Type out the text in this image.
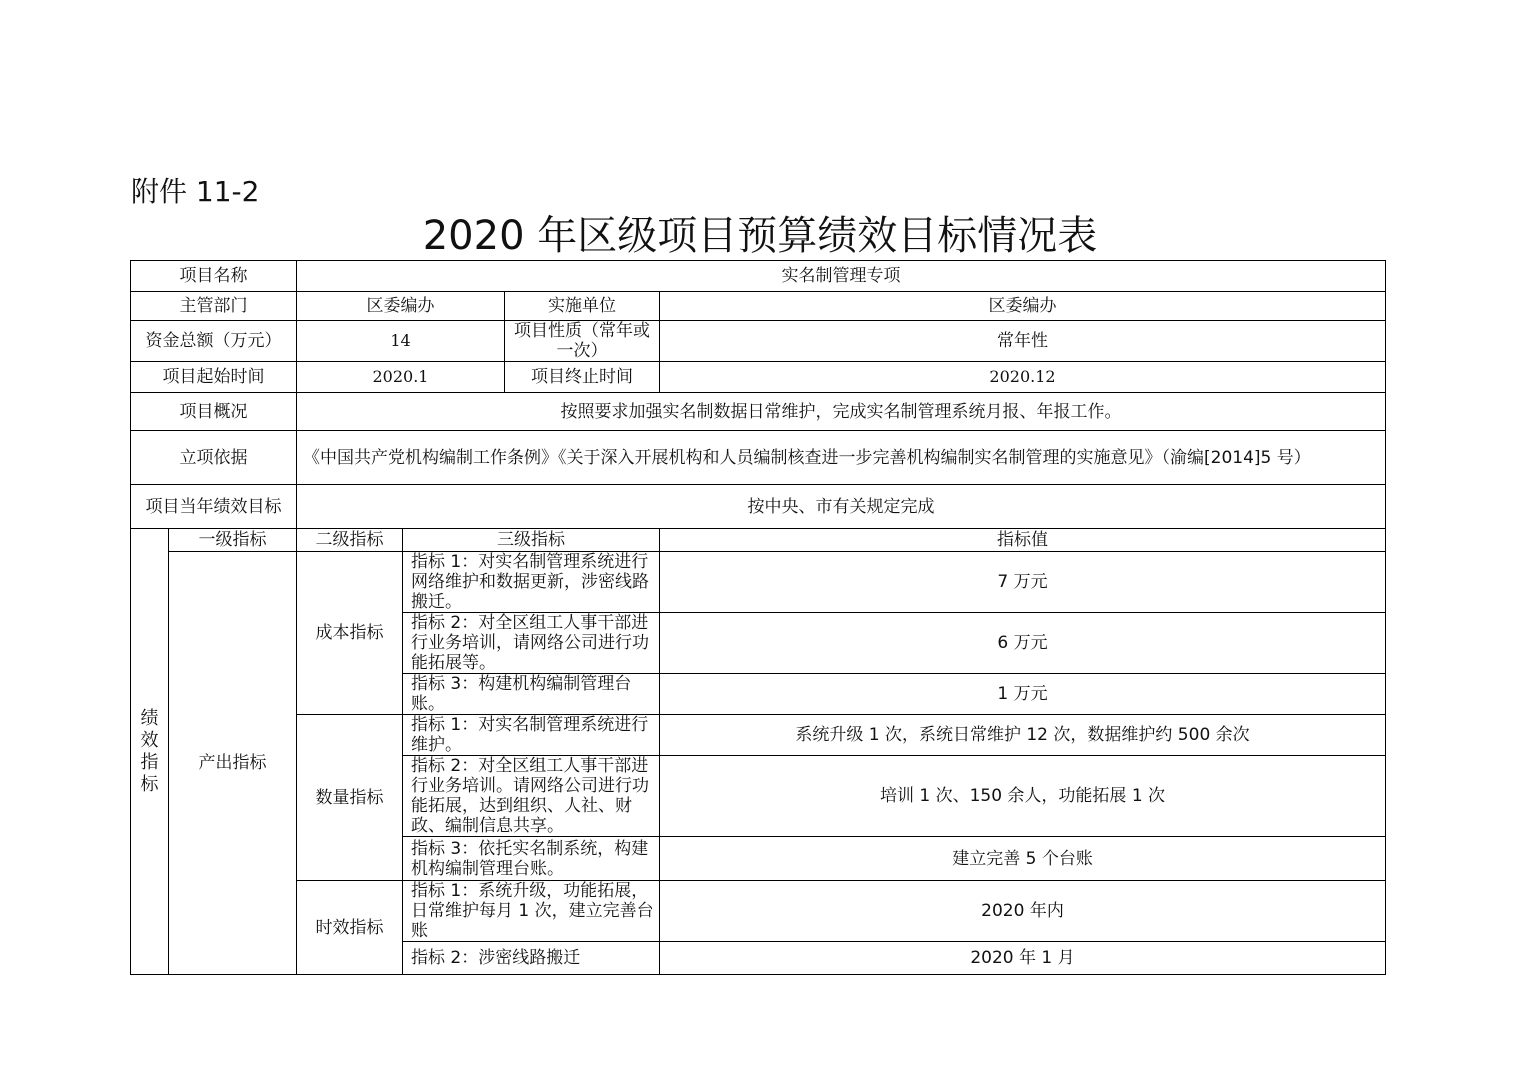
附件 11-2
2020 年区级项目预算绩效目标情况表
项目名称		实名制管理专项			
主管部门		区委编办		实施单位	区委编办
资金总额（万元）		14		项目性质（常年或一次）	常年性
项目起始时间		2020.1		项目终止时间	2020.12
项目概况		按照要求加强实名制数据日常维护，完成实名制管理系统月报、年报工作。			
立项依据		《中国共产党机构编制工作条例》《关于深入开展机构和人员编制核查进一步完善机构编制实名制管理的实施意见》（渝编[2014]5 号）			
项目当年绩效目标		按中央、市有关规定完成			
绩效指标	一级指标	二级指标	三级指标		指标值
	产出指标	成本指标	指标 1：对实名制管理系统进行网络维护和数据更新，涉密线路搬迁。		7 万元
			指标 2：对全区组工人事干部进行业务培训，请网络公司进行功能拓展等。		6 万元
			指标 3：构建机构编制管理台账。		1 万元
		数量指标	指标 1：对实名制管理系统进行维护。		系统升级 1 次，系统日常维护 12 次，数据维护约 500 余次
			指标 2：对全区组工人事干部进行业务培训。请网络公司进行功能拓展，达到组织、人社、财政、编制信息共享。		培训 1 次、150 余人，功能拓展 1 次
			指标 3：依托实名制系统，构建机构编制管理台账。		建立完善 5 个台账
		时效指标	指标 1：系统升级，功能拓展，日常维护每月 1 次，建立完善台账		2020 年内
			指标 2：涉密线路搬迁		2020 年 1 月
